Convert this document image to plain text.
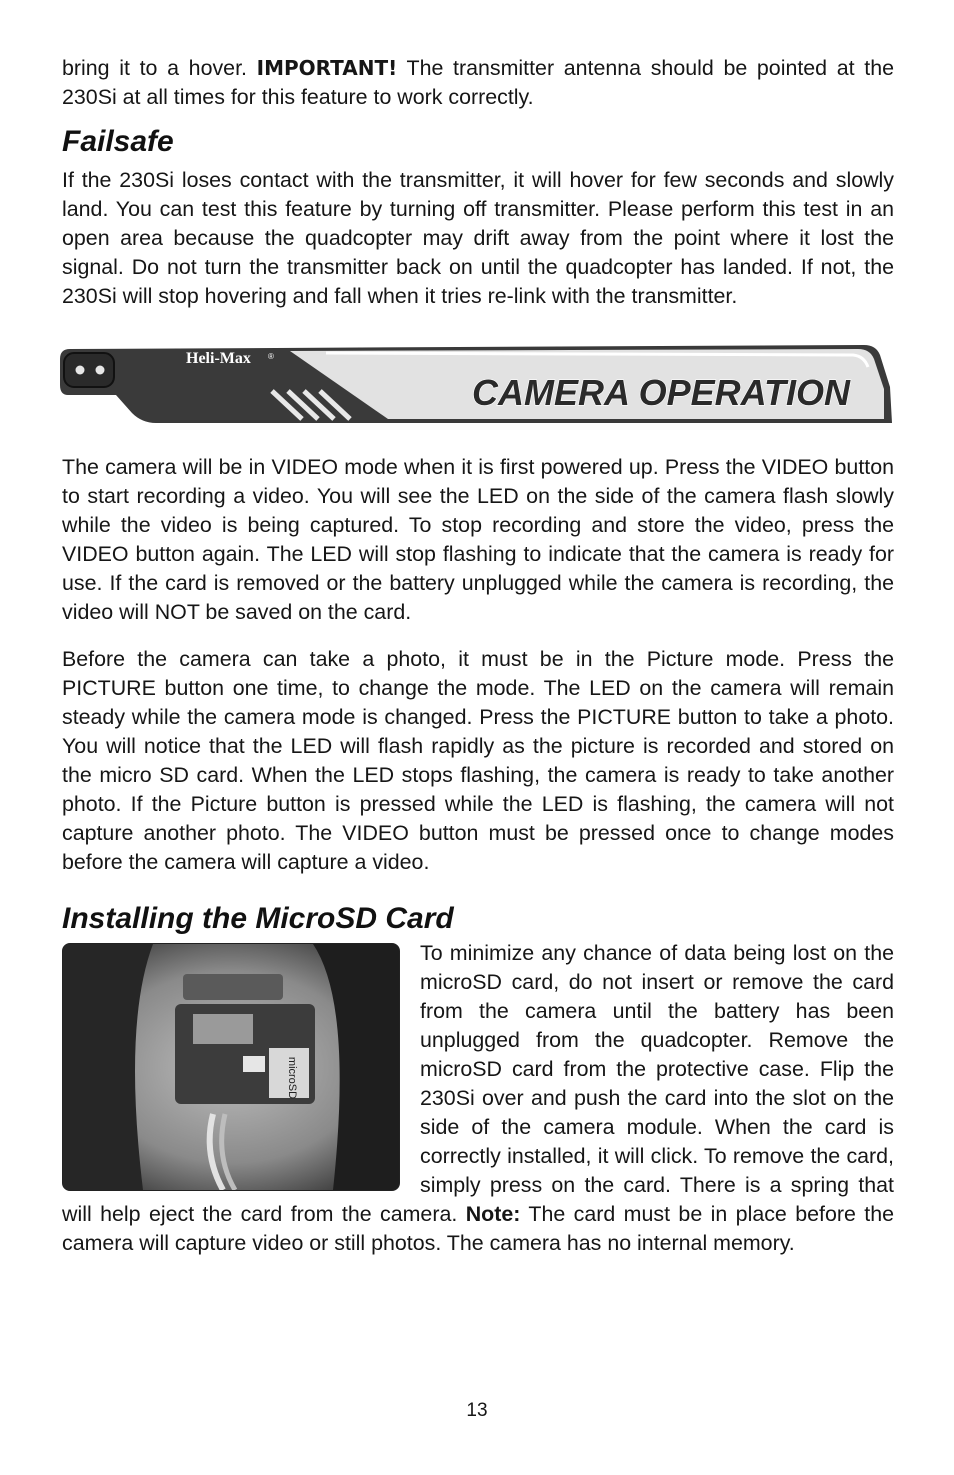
bring it to a hover. IMPORTANT! The transmitter antenna should be pointed at the 230Si at all times for this feature to work correctly.

Failsafe

If the 230Si loses contact with the transmitter, it will hover for few seconds and slowly land. You can test this feature by turning off transmitter. Please perform this test in an open area because the quadcopter may drift away from the point where it lost the signal. Do not turn the transmitter back on until the quadcopter has landed. If not, the 230Si will stop hovering and fall when it tries re-link with the transmitter.

Heli-Max ®
CAMERA OPERATION

The camera will be in VIDEO mode when it is first powered up. Press the VIDEO button to start recording a video. You will see the LED on the side of the camera flash slowly while the video is being captured. To stop recording and store the video, press the VIDEO button again. The LED will stop flashing to indicate that the camera is ready for use. If the card is removed or the battery unplugged while the camera is recording, the video will NOT be saved on the card.

Before the camera can take a photo, it must be in the Picture mode. Press the PICTURE button one time, to change the mode. The LED on the camera will remain steady while the camera mode is changed. Press the PICTURE button to take a photo. You will notice that the LED will flash rapidly as the picture is recorded and stored on the micro SD card. When the LED stops flashing, the camera is ready to take another photo. If the Picture button is pressed while the LED is flashing, the camera will not capture another photo. The VIDEO button must be pressed once to change modes before the camera will capture a video.

Installing the MicroSD Card
microSD

To minimize any chance of data being lost on the microSD card, do not insert or remove the card from the camera until the battery has been unplugged from the quadcopter. Remove the microSD card from the protective case. Flip the 230Si over and push the card into the slot on the side of the camera module. When the card is correctly installed, it will click. To remove the card, simply press on the card. There is a spring that will help eject the card from the camera. Note: The card must be in place before the camera will capture video or still photos. The camera has no internal memory.

13
